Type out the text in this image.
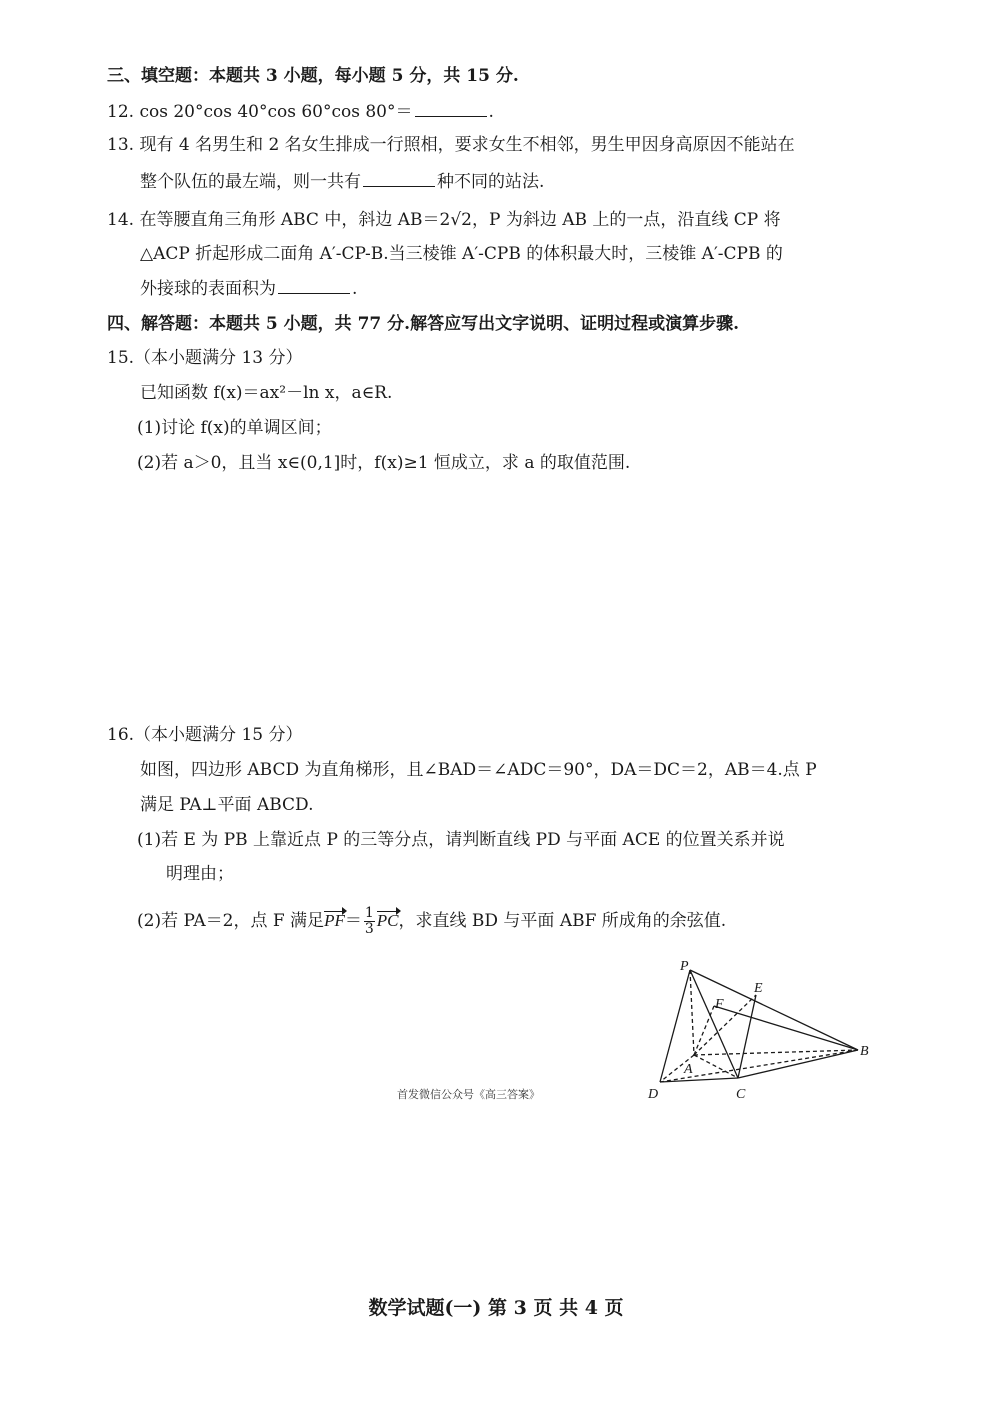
三、填空题：本题共 3 小题，每小题 5 分，共 15 分.
12. cos 20°cos 40°cos 60°cos 80°＝	.
13. 现有 4 名男生和 2 名女生排成一行照相，要求女生不相邻，男生甲因身高原因不能站在
整个队伍的最左端，则一共有	种不同的站法.
14. 在等腰直角三角形 ABC 中，斜边 AB＝2√2，P 为斜边 AB 上的一点，沿直线 CP 将
△ACP 折起形成二面角 A′-CP-B.当三棱锥 A′-CPB 的体积最大时，三棱锥 A′-CPB 的
外接球的表面积为	.
四、解答题：本题共 5 小题，共 77 分.解答应写出文字说明、证明过程或演算步骤.
15.（本小题满分 13 分）
已知函数 f(x)＝ax²－ln x，a∈R.
(1)讨论 f(x)的单调区间；
(2)若 a＞0，且当 x∈(0,1]时，f(x)≥1 恒成立，求 a 的取值范围.
16.（本小题满分 15 分）
如图，四边形 ABCD 为直角梯形，且∠BAD＝∠ADC＝90°，DA＝DC＝2，AB＝4.点 P
满足 PA⊥平面 ABCD.
(1)若 E 为 PB 上靠近点 P 的三等分点，请判断直线 PD 与平面 ACE 的位置关系并说
明理由；
(2)若 PA＝2，点 F 满足$PF= \frac{1}{3}$ PC，求直线 BD 与平面 ABF 所成角的余弦值.
P
E
F
A
B
C
D
首发微信公众号《高三答案》
数学试题(一) 第 3 页 共 4 页
